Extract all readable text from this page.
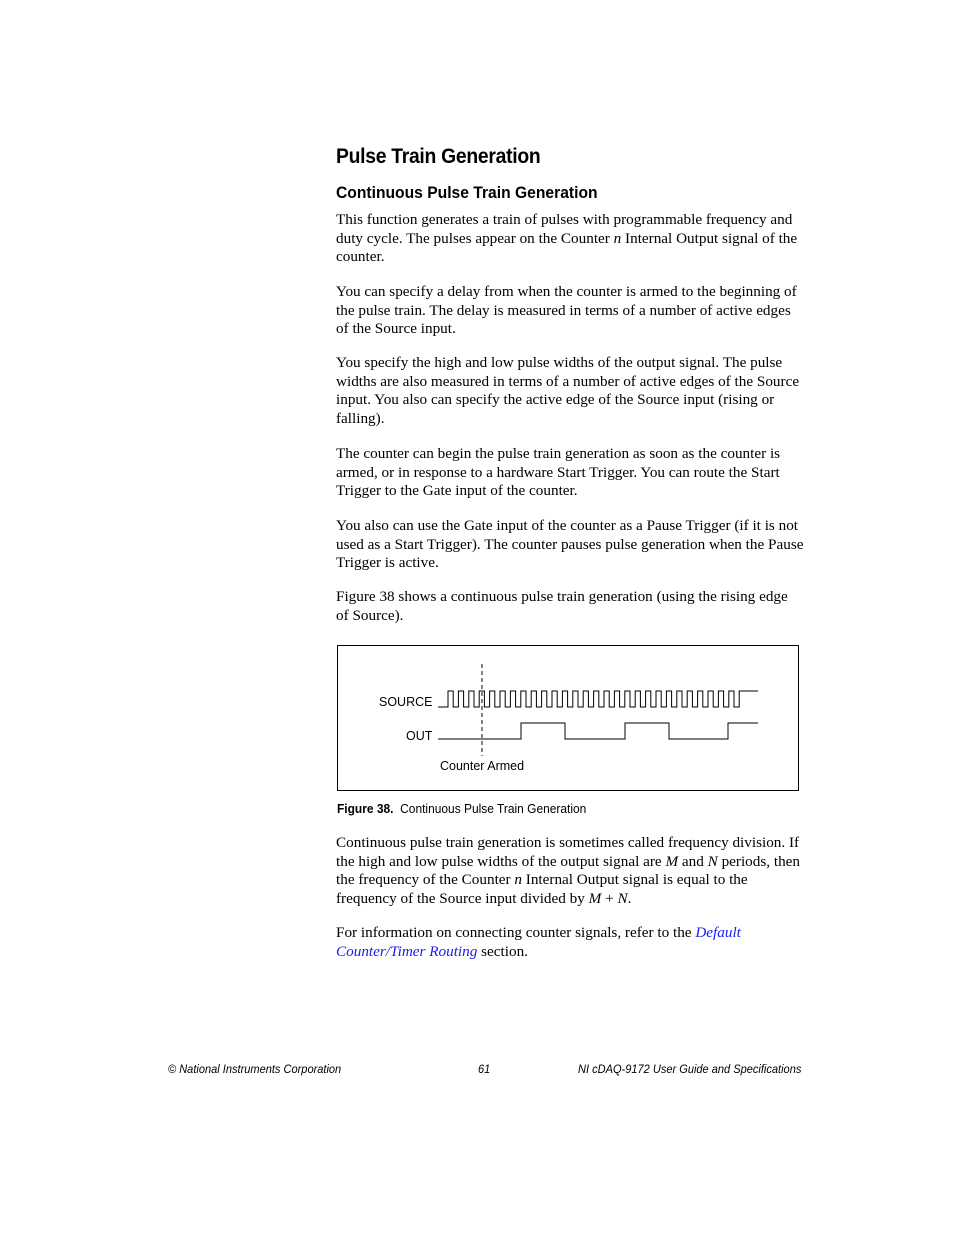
Pulse Train Generation
Continuous Pulse Train Generation

This function generates a train of pulses with programmable frequency and duty cycle. The pulses appear on the Counter n Internal Output signal of the counter.

You can specify a delay from when the counter is armed to the beginning of the pulse train. The delay is measured in terms of a number of active edges of the Source input.

You specify the high and low pulse widths of the output signal. The pulse widths are also measured in terms of a number of active edges of the Source input. You also can specify the active edge of the Source input (rising or falling).

The counter can begin the pulse train generation as soon as the counter is armed, or in response to a hardware Start Trigger. You can route the Start Trigger to the Gate input of the counter.

You also can use the Gate input of the counter as a Pause Trigger (if it is not used as a Start Trigger). The counter pauses pulse generation when the Pause Trigger is active.

Figure 38 shows a continuous pulse train generation (using the rising edge of Source).

SOURCE
OUT
Counter Armed
Figure 38. Continuous Pulse Train Generation

Continuous pulse train generation is sometimes called frequency division. If the high and low pulse widths of the output signal are M and N periods, then the frequency of the Counter n Internal Output signal is equal to the frequency of the Source input divided by M + N.

For information on connecting counter signals, refer to the Default Counter/Timer Routing section.

© National Instruments Corporation	61	NI cDAQ-9172 User Guide and Specifications
